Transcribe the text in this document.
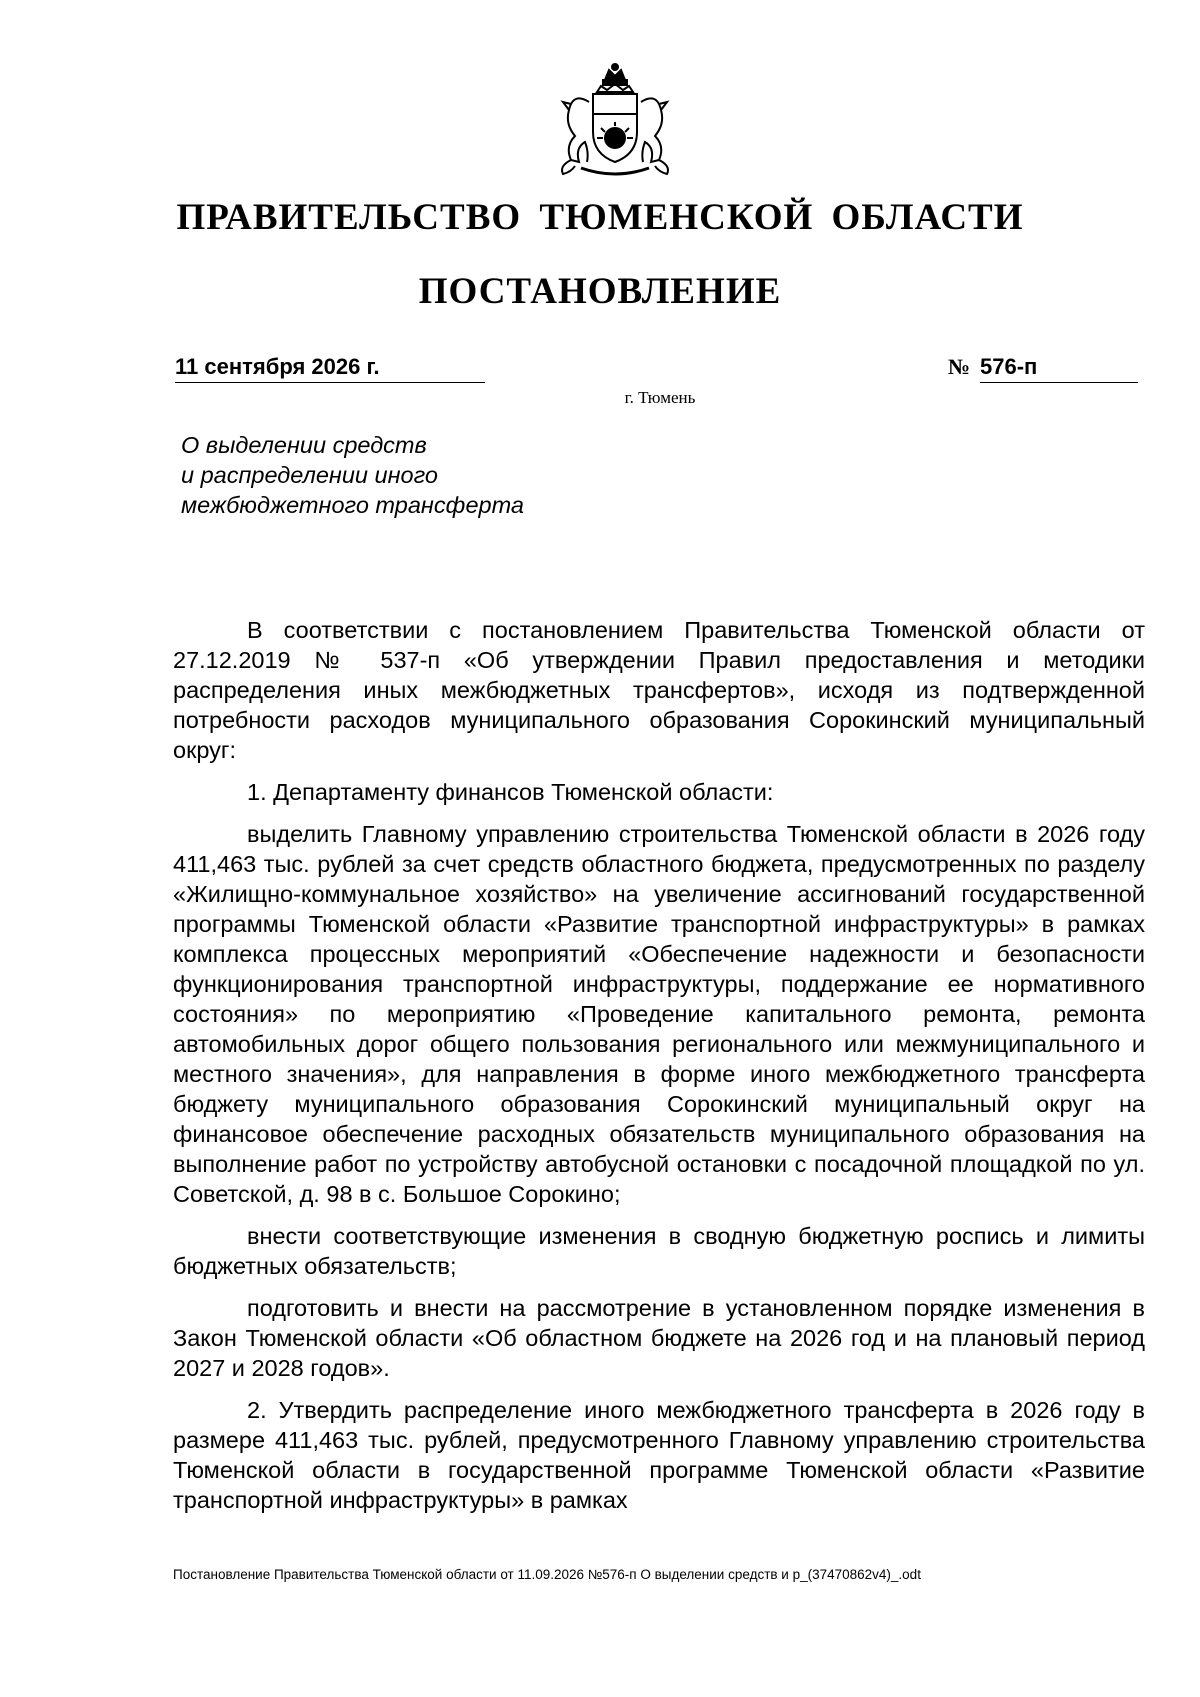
ПРАВИТЕЛЬСТВО ТЮМЕНСКОЙ ОБЛАСТИ
ПОСТАНОВЛЕНИЕ
11 сентября 2026 г.	№ 576-п
г. Тюмень
О выделении средств
и распределении иного
межбюджетного трансферта

В соответствии с постановлением Правительства Тюменской области от 27.12.2019 № 537-п «Об утверждении Правил предоставления и методики распределения иных межбюджетных трансфертов», исходя из подтвержденной потребности расходов муниципального образования Сорокинский муниципальный округ:

1. Департаменту финансов Тюменской области:

выделить Главному управлению строительства Тюменской области в 2026 году 411,463 тыс. рублей за счет средств областного бюджета, предусмотренных по разделу «Жилищно-коммунальное хозяйство» на увеличение ассигнований государственной программы Тюменской области «Развитие транспортной инфраструктуры» в рамках комплекса процессных мероприятий «Обеспечение надежности и безопасности функционирования транспортной инфраструктуры, поддержание ее нормативного состояния» по мероприятию «Проведение капитального ремонта, ремонта автомобильных дорог общего пользования регионального или межмуниципального и местного значения», для направления в форме иного межбюджетного трансферта бюджету муниципального образования Сорокинский муниципальный округ на финансовое обеспечение расходных обязательств муниципального образования на выполнение работ по устройству автобусной остановки с посадочной площадкой по ул. Советской, д. 98 в с. Большое Сорокино;

внести соответствующие изменения в сводную бюджетную роспись и лимиты бюджетных обязательств;

подготовить и внести на рассмотрение в установленном порядке изменения в Закон Тюменской области «Об областном бюджете на 2026 год и на плановый период 2027 и 2028 годов».

2. Утвердить распределение иного межбюджетного трансферта в 2026 году в размере 411,463 тыс. рублей, предусмотренного Главному управлению строительства Тюменской области в государственной программе Тюменской области «Развитие транспортной инфраструктуры» в рамках

Постановление Правительства Тюменской области от 11.09.2026 №576-п О выделении средств и р_(37470862v4)_.odt
